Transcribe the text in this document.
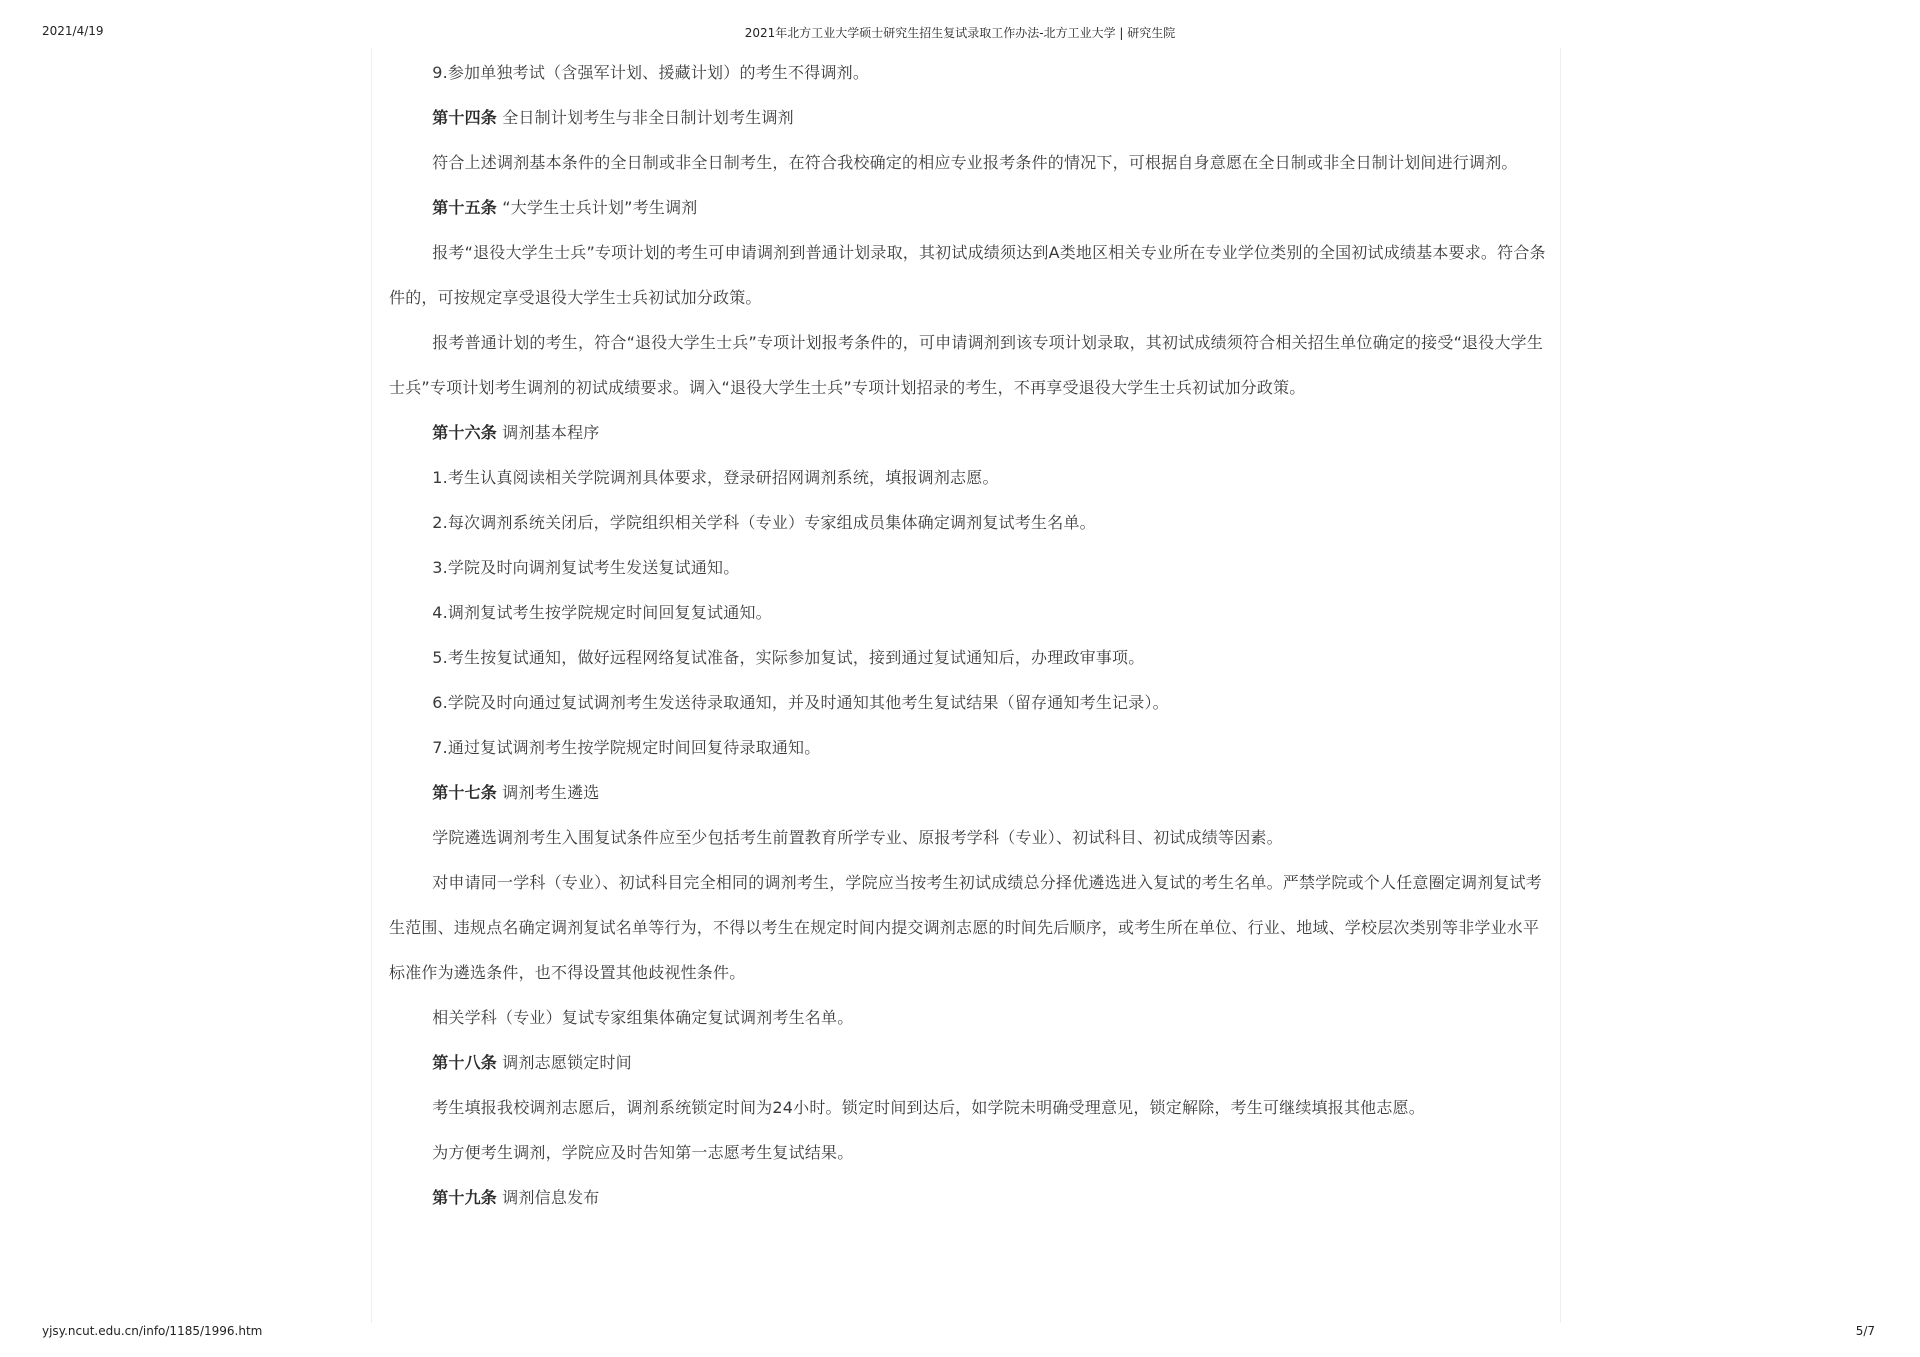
2021/4/19	2021年北方工业大学硕士研究生招生复试录取工作办法-北方工业大学 | 研究生院

9.参加单独考试（含强军计划、援藏计划）的考生不得调剂。

第十四条 全日制计划考生与非全日制计划考生调剂

符合上述调剂基本条件的全日制或非全日制考生，在符合我校确定的相应专业报考条件的情况下，可根据自身意愿在全日制或非全日制计划间进行调剂。

第十五条 “大学生士兵计划”考生调剂

报考“退役大学生士兵”专项计划的考生可申请调剂到普通计划录取，其初试成绩须达到A类地区相关专业所在专业学位类别的全国初试成绩基本要求。符合条件的，可按规定享受退役大学生士兵初试加分政策。

报考普通计划的考生，符合“退役大学生士兵”专项计划报考条件的，可申请调剂到该专项计划录取，其初试成绩须符合相关招生单位确定的接受“退役大学生士兵”专项计划考生调剂的初试成绩要求。调入“退役大学生士兵”专项计划招录的考生，不再享受退役大学生士兵初试加分政策。

第十六条 调剂基本程序

1.考生认真阅读相关学院调剂具体要求，登录研招网调剂系统，填报调剂志愿。

2.每次调剂系统关闭后，学院组织相关学科（专业）专家组成员集体确定调剂复试考生名单。

3.学院及时向调剂复试考生发送复试通知。

4.调剂复试考生按学院规定时间回复复试通知。

5.考生按复试通知，做好远程网络复试准备，实际参加复试，接到通过复试通知后，办理政审事项。

6.学院及时向通过复试调剂考生发送待录取通知，并及时通知其他考生复试结果（留存通知考生记录）。

7.通过复试调剂考生按学院规定时间回复待录取通知。

第十七条 调剂考生遴选

学院遴选调剂考生入围复试条件应至少包括考生前置教育所学专业、原报考学科（专业）、初试科目、初试成绩等因素。

对申请同一学科（专业）、初试科目完全相同的调剂考生，学院应当按考生初试成绩总分择优遴选进入复试的考生名单。严禁学院或个人任意圈定调剂复试考生范围、违规点名确定调剂复试名单等行为，不得以考生在规定时间内提交调剂志愿的时间先后顺序，或考生所在单位、行业、地域、学校层次类别等非学业水平标准作为遴选条件，也不得设置其他歧视性条件。

相关学科（专业）复试专家组集体确定复试调剂考生名单。

第十八条 调剂志愿锁定时间

考生填报我校调剂志愿后，调剂系统锁定时间为24小时。锁定时间到达后，如学院未明确受理意见，锁定解除，考生可继续填报其他志愿。

为方便考生调剂，学院应及时告知第一志愿考生复试结果。

第十九条 调剂信息发布

yjsy.ncut.edu.cn/info/1185/1996.htm	5/7
